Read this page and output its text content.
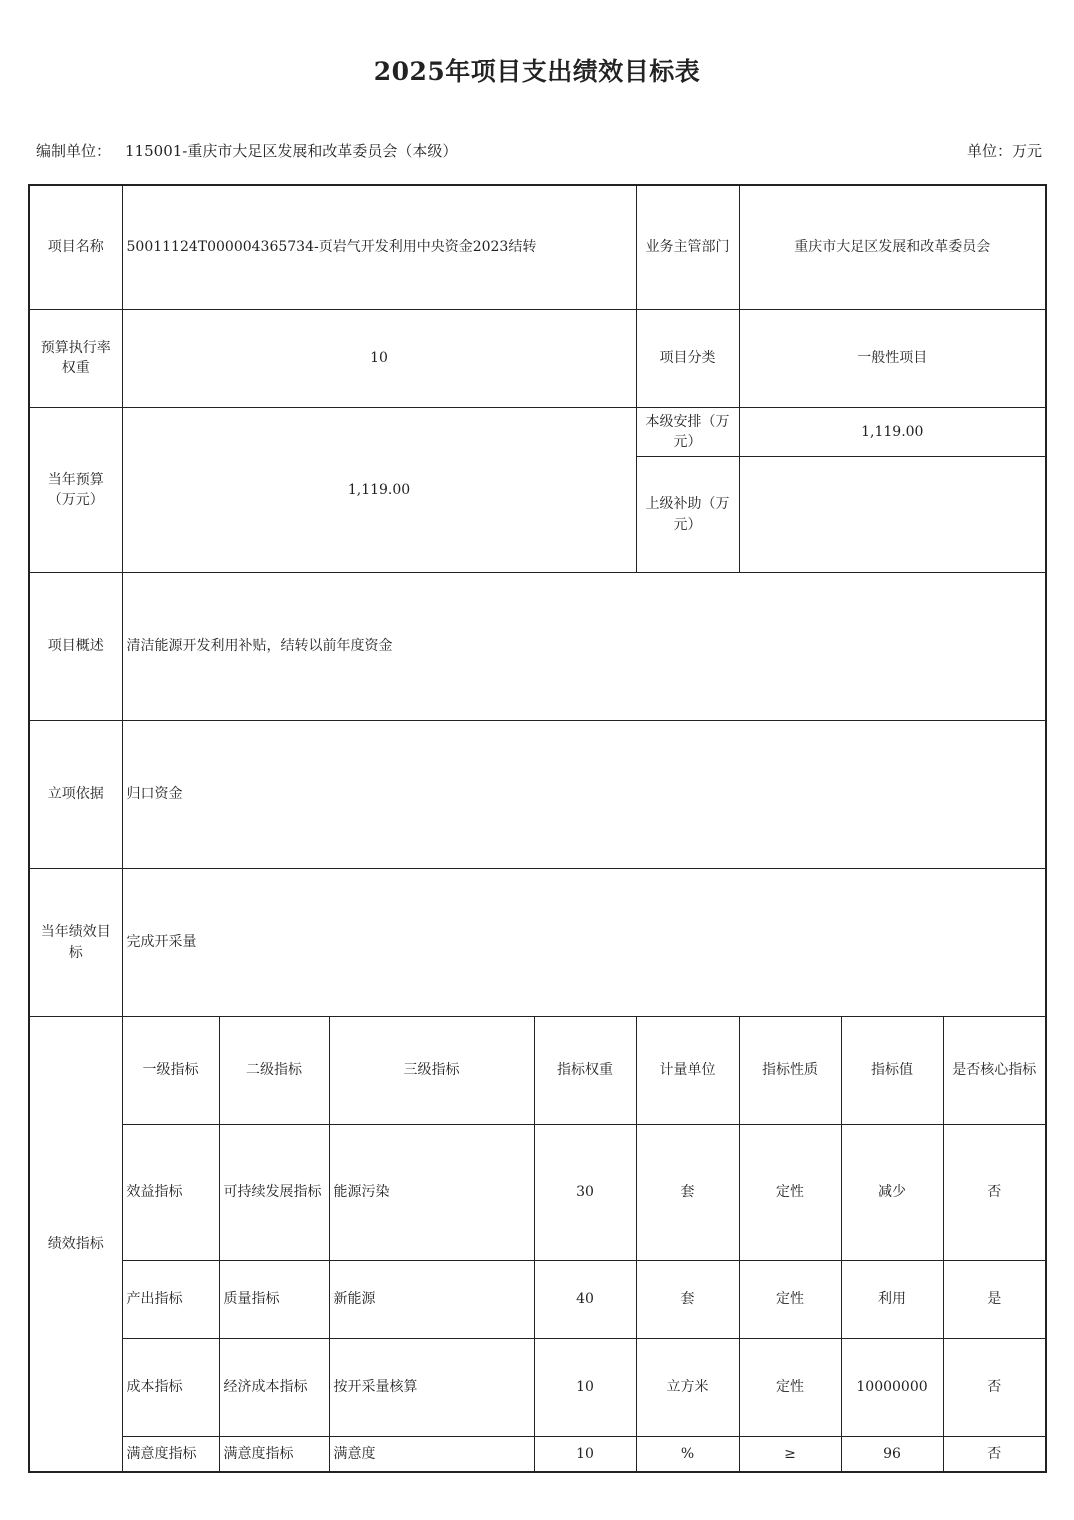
2025年项目支出绩效目标表
编制单位： 115001-重庆市大足区发展和改革委员会（本级）	单位：万元
项目名称	50011124T000004365734-页岩气开发利用中央资金2023结转				业务主管部门	重庆市大足区发展和改革委员会		
预算执行率权重	10				项目分类	一般性项目		
当年预算（万元）	1,119.00				本级安排（万元）	1,119.00		
					上级补助（万元）			
项目概述	清洁能源开发利用补贴，结转以前年度资金							
立项依据	归口资金							
当年绩效目标	完成开采量							
绩效指标	一级指标	二级指标	三级指标	指标权重	计量单位	指标性质	指标值	是否核心指标
	效益指标	可持续发展指标	能源污染	30	套	定性	减少	否
	产出指标	质量指标	新能源	40	套	定性	利用	是
	成本指标	经济成本指标	按开采量核算	10	立方米	定性	10000000	否
	满意度指标	满意度指标	满意度	10	%	≥	96	否
